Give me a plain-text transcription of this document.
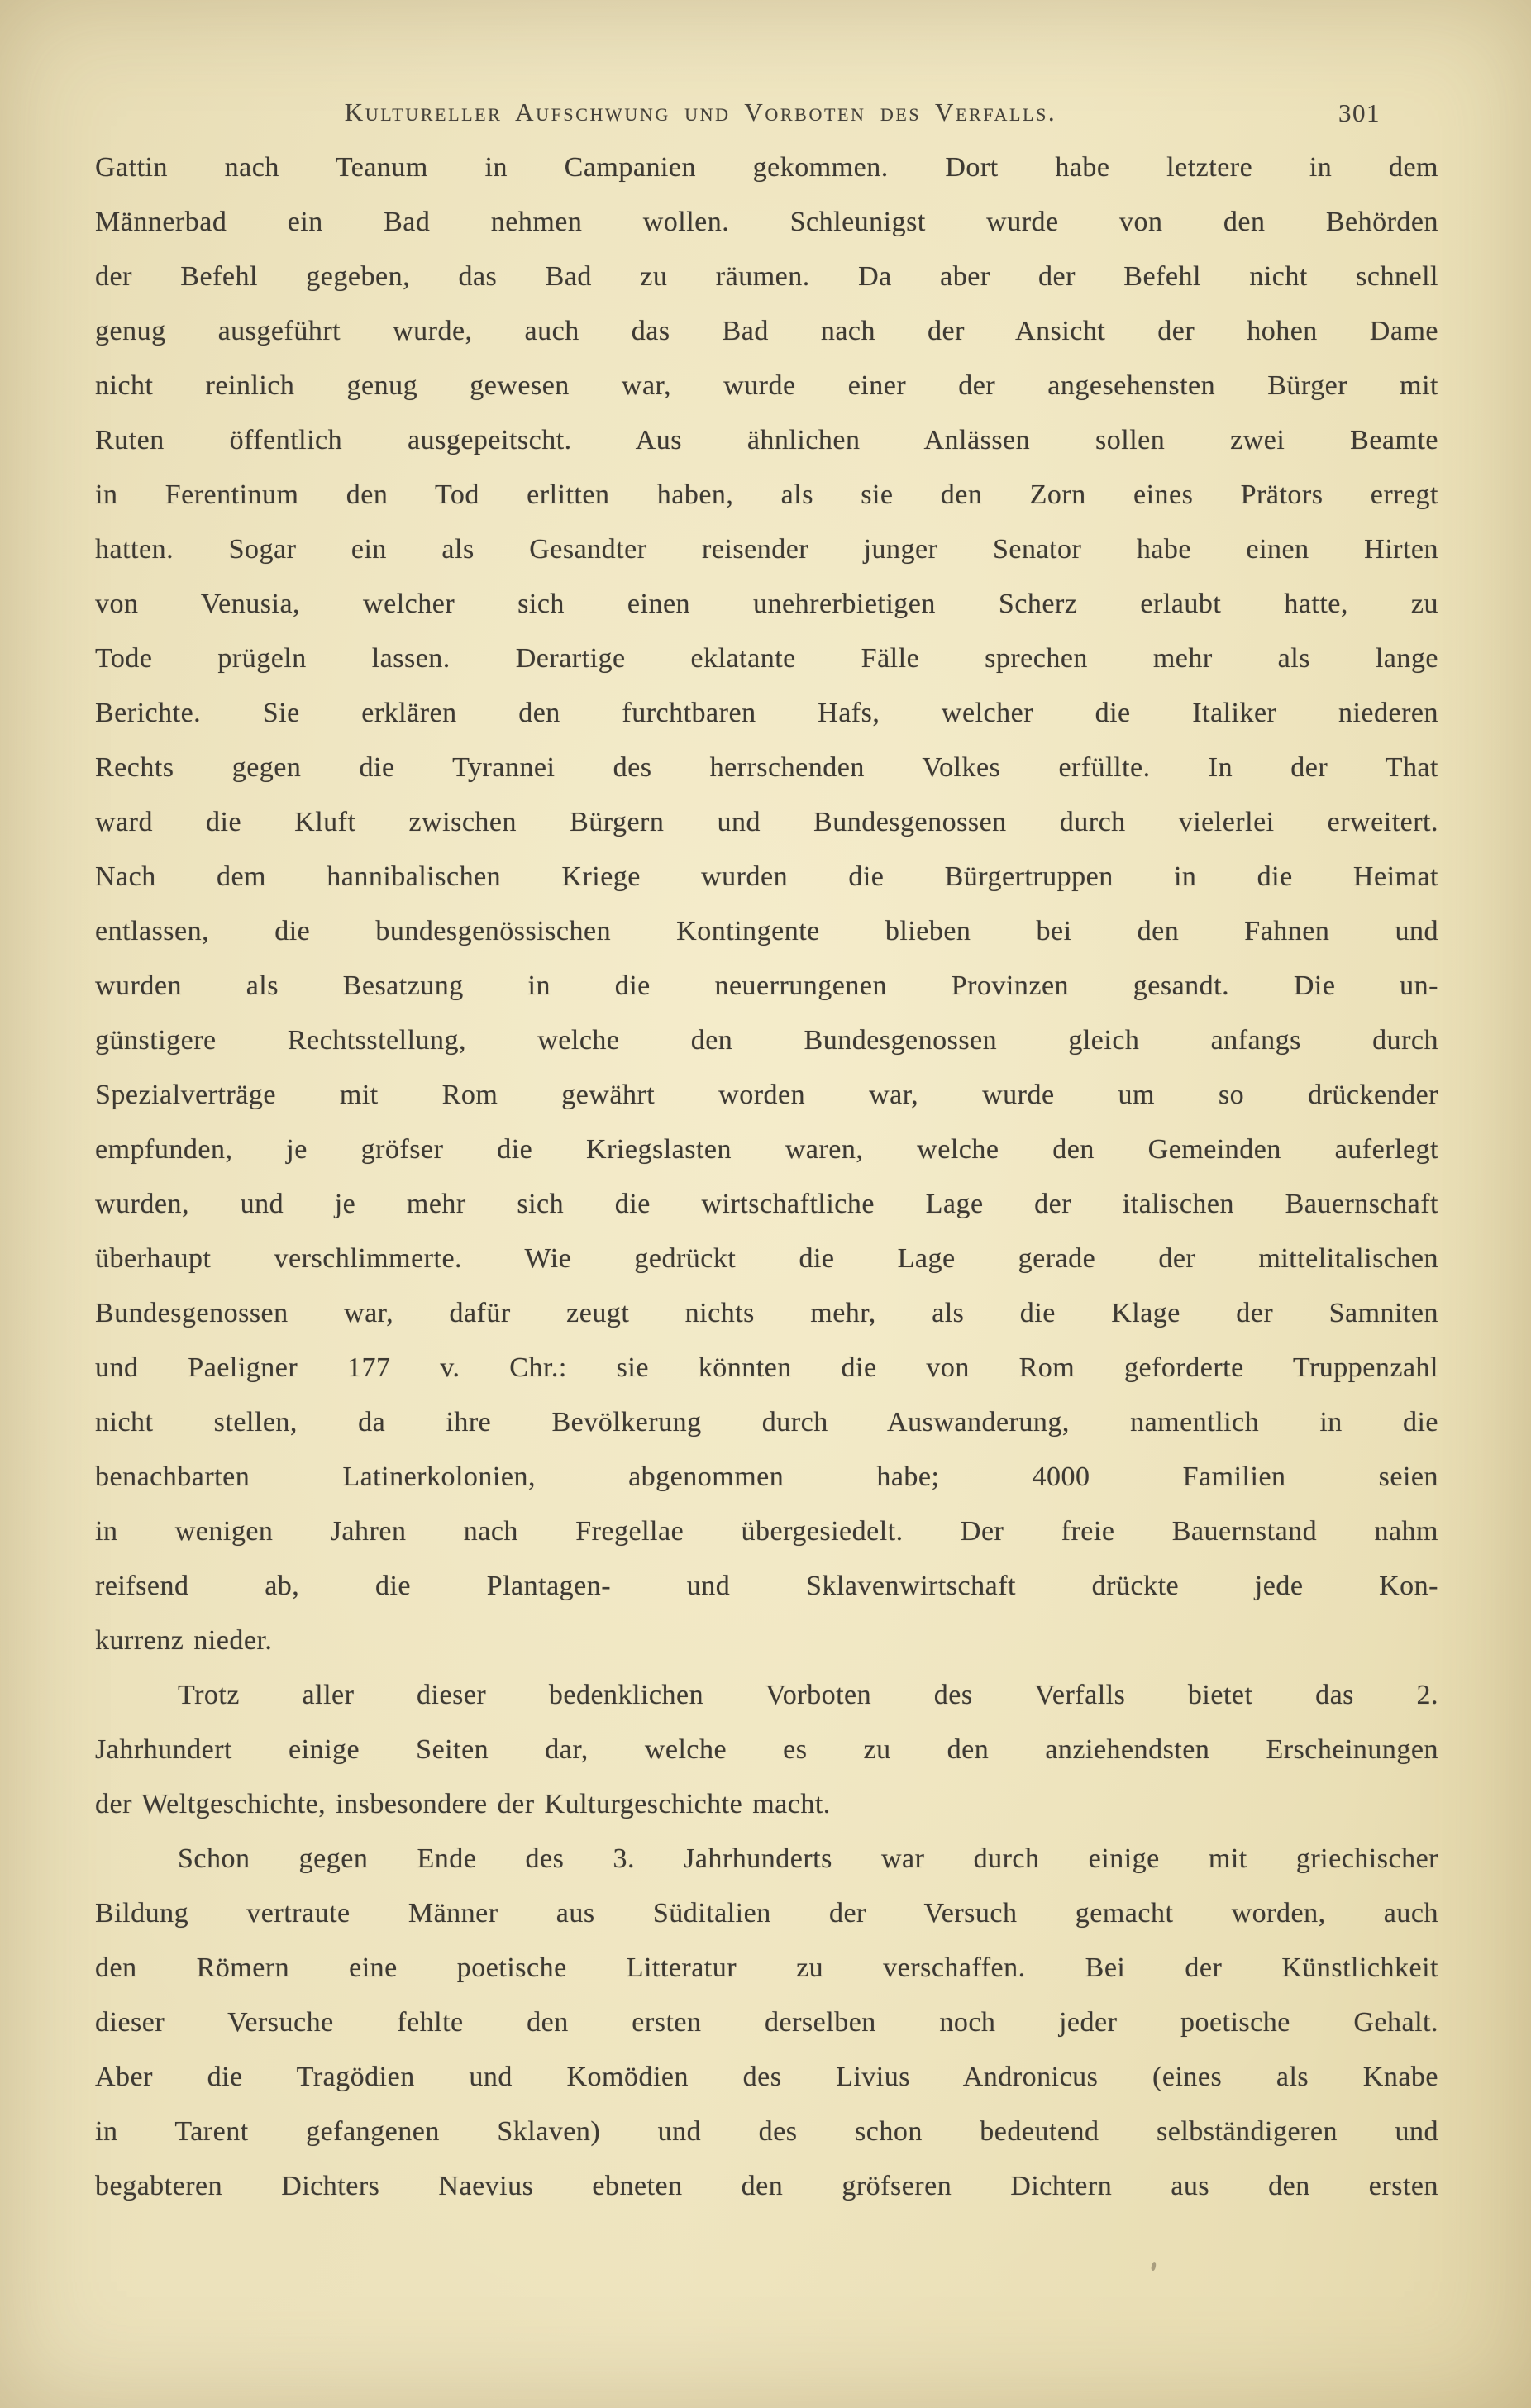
Kultureller Aufschwung und Vorboten des Verfalls.	301
Gattin nach Teanum in Campanien gekommen. Dort habe letztere in dem
Männerbad ein Bad nehmen wollen. Schleunigst wurde von den Behörden
der Befehl gegeben, das Bad zu räumen. Da aber der Befehl nicht schnell
genug ausgeführt wurde, auch das Bad nach der Ansicht der hohen Dame
nicht reinlich genug gewesen war, wurde einer der angesehensten Bürger mit
Ruten öffentlich ausgepeitscht. Aus ähnlichen Anlässen sollen zwei Beamte
in Ferentinum den Tod erlitten haben, als sie den Zorn eines Prätors erregt
hatten. Sogar ein als Gesandter reisender junger Senator habe einen Hirten
von Venusia, welcher sich einen unehrerbietigen Scherz erlaubt hatte, zu
Tode prügeln lassen. Derartige eklatante Fälle sprechen mehr als lange
Berichte. Sie erklären den furchtbaren Hafs, welcher die Italiker niederen
Rechts gegen die Tyrannei des herrschenden Volkes erfüllte. In der That
ward die Kluft zwischen Bürgern und Bundesgenossen durch vielerlei erweitert.
Nach dem hannibalischen Kriege wurden die Bürgertruppen in die Heimat
entlassen, die bundesgenössischen Kontingente blieben bei den Fahnen und
wurden als Besatzung in die neuerrungenen Provinzen gesandt. Die un-
günstigere Rechtsstellung, welche den Bundesgenossen gleich anfangs durch
Spezialverträge mit Rom gewährt worden war, wurde um so drückender
empfunden, je gröfser die Kriegslasten waren, welche den Gemeinden auferlegt
wurden, und je mehr sich die wirtschaftliche Lage der italischen Bauernschaft
überhaupt verschlimmerte. Wie gedrückt die Lage gerade der mittelitalischen
Bundesgenossen war, dafür zeugt nichts mehr, als die Klage der Samniten
und Paeligner 177 v. Chr.: sie könnten die von Rom geforderte Truppenzahl
nicht stellen, da ihre Bevölkerung durch Auswanderung, namentlich in die
benachbarten Latinerkolonien, abgenommen habe; 4000 Familien seien
in wenigen Jahren nach Fregellae übergesiedelt. Der freie Bauernstand nahm
reifsend ab, die Plantagen- und Sklavenwirtschaft drückte jede Kon-
kurrenz nieder.
Trotz aller dieser bedenklichen Vorboten des Verfalls bietet das 2.
Jahrhundert einige Seiten dar, welche es zu den anziehendsten Erscheinungen
der Weltgeschichte, insbesondere der Kulturgeschichte macht.
Schon gegen Ende des 3. Jahrhunderts war durch einige mit griechischer
Bildung vertraute Männer aus Süditalien der Versuch gemacht worden, auch
den Römern eine poetische Litteratur zu verschaffen. Bei der Künstlichkeit
dieser Versuche fehlte den ersten derselben noch jeder poetische Gehalt.
Aber die Tragödien und Komödien des Livius Andronicus (eines als Knabe
in Tarent gefangenen Sklaven) und des schon bedeutend selbständigeren und
begabteren Dichters Naevius ebneten den gröfseren Dichtern aus den ersten
